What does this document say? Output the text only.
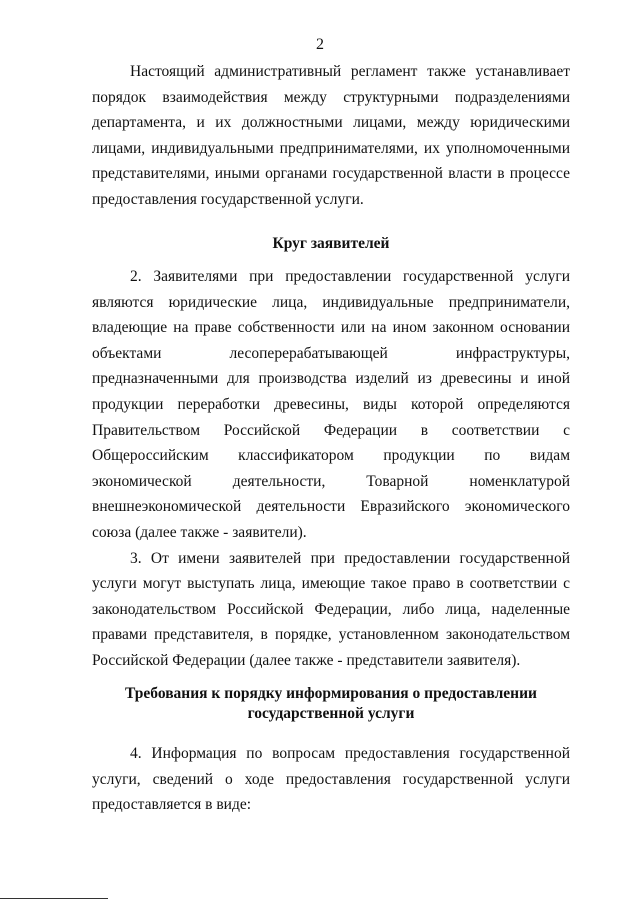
2

Настоящий административный регламент также устанавливает порядок взаимодействия между структурными подразделениями департамента, и их должностными лицами, между юридическими лицами, индивидуальными предпринимателями, их уполномоченными представителями, иными органами государственной власти в процессе предоставления государственной услуги.

Круг заявителей

2. Заявителями при предоставлении государственной услуги являются юридические лица, индивидуальные предприниматели, владеющие на праве собственности или на ином законном основании объектами лесоперерабатывающей инфраструктуры, предназначенными для производства изделий из древесины и иной продукции переработки древесины, виды которой определяются Правительством Российской Федерации в соответствии с Общероссийским классификатором продукции по видам экономической деятельности, Товарной номенклатурой внешнеэкономической деятельности Евразийского экономического союза (далее также - заявители).

3. От имени заявителей при предоставлении государственной услуги могут выступать лица, имеющие такое право в соответствии с законодательством Российской Федерации, либо лица, наделенные правами представителя, в порядке, установленном законодательством Российской Федерации (далее также - представители заявителя).

Требования к порядку информирования о предоставлении
государственной услуги

4. Информация по вопросам предоставления государственной услуги, сведений о ходе предоставления государственной услуги предоставляется в виде:
